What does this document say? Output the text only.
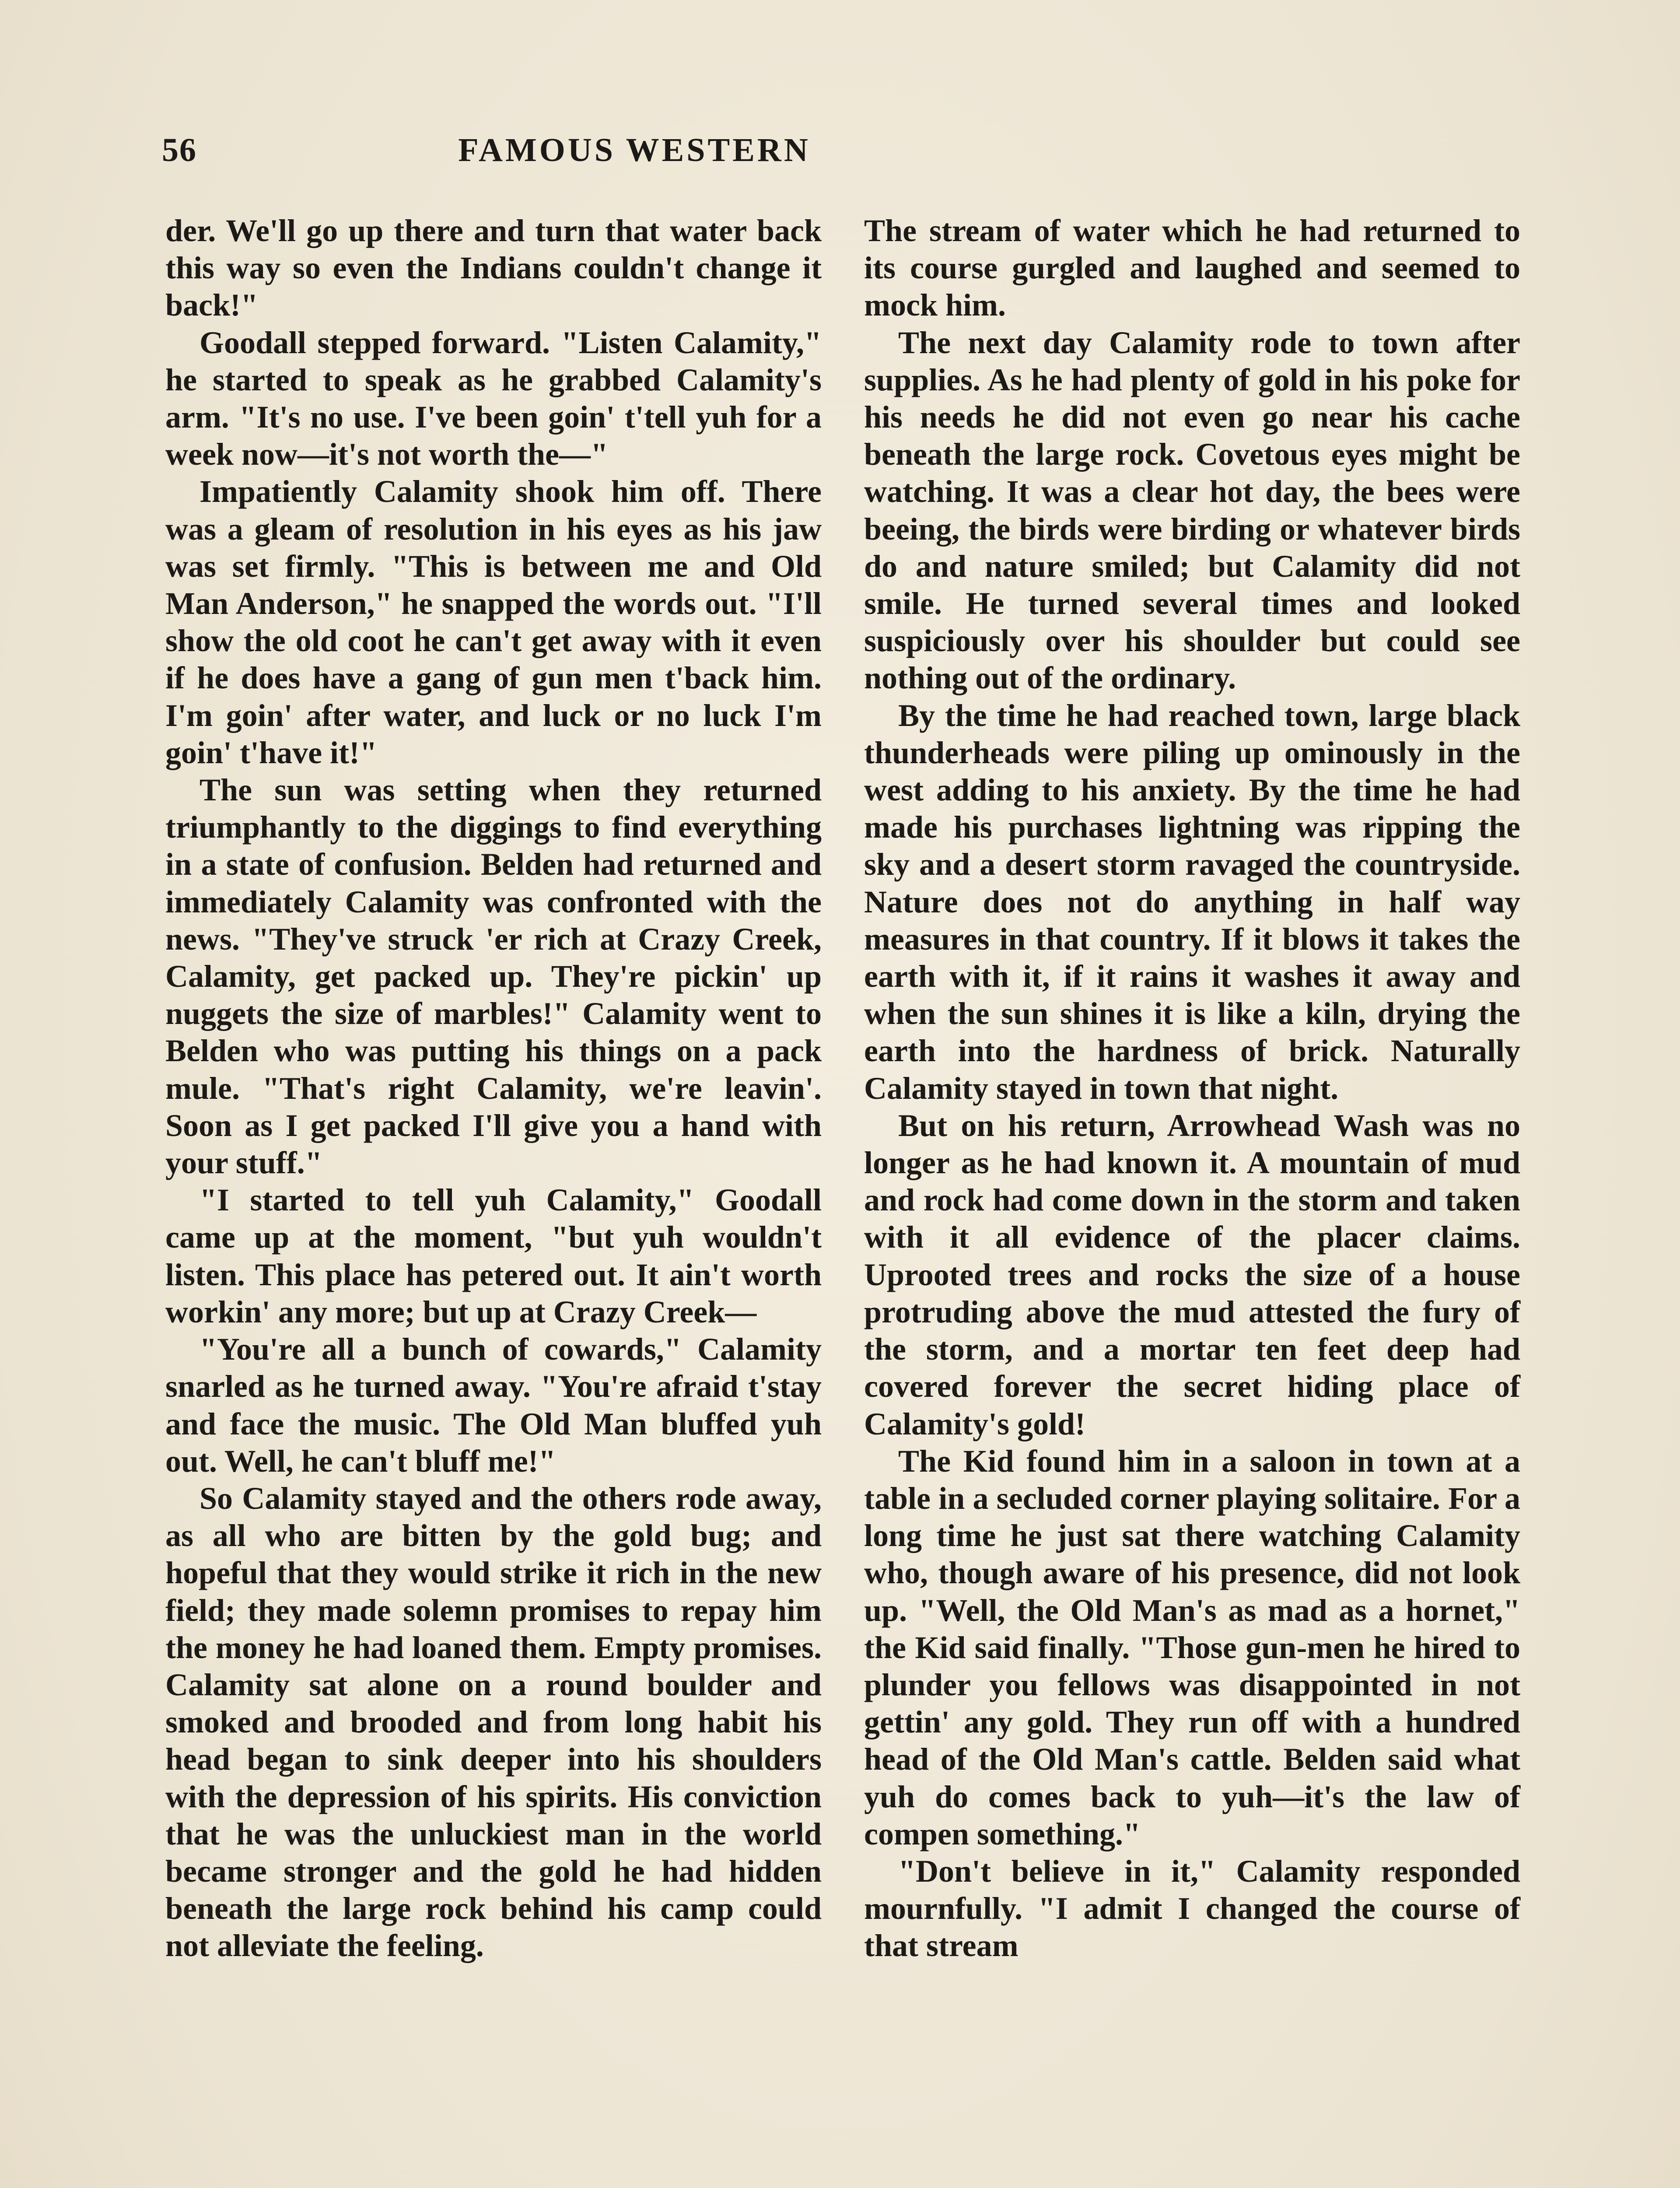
56	FAMOUS WESTERN

der. We'll go up there and turn that water back this way so even the Indians couldn't change it back!"

Goodall stepped forward. "Listen Calamity," he started to speak as he grabbed Calamity's arm. "It's no use. I've been goin' t'tell yuh for a week now—it's not worth the—"

Impatiently Calamity shook him off. There was a gleam of resolution in his eyes as his jaw was set firmly. "This is between me and Old Man Anderson," he snapped the words out. "I'll show the old coot he can't get away with it even if he does have a gang of gun men t'back him. I'm goin' after water, and luck or no luck I'm goin' t'have it!"

The sun was setting when they returned triumphantly to the diggings to find everything in a state of confusion. Belden had returned and immediately Calamity was confronted with the news. "They've struck 'er rich at Crazy Creek, Calamity, get packed up. They're pickin' up nuggets the size of marbles!" Calamity went to Belden who was putting his things on a pack mule. "That's right Calamity, we're leavin'. Soon as I get packed I'll give you a hand with your stuff."

"I started to tell yuh Calamity," Goodall came up at the moment, "but yuh wouldn't listen. This place has petered out. It ain't worth workin' any more; but up at Crazy Creek—

"You're all a bunch of cowards," Calamity snarled as he turned away. "You're afraid t'stay and face the music. The Old Man bluffed yuh out. Well, he can't bluff me!"

So Calamity stayed and the others rode away, as all who are bitten by the gold bug; and hopeful that they would strike it rich in the new field; they made solemn promises to repay him the money he had loaned them. Empty promises. Calamity sat alone on a round boulder and smoked and brooded and from long habit his head began to sink deeper into his shoulders with the depression of his spirits. His conviction that he was the unluckiest man in the world became stronger and the gold he had hidden beneath the large rock behind his camp could not alleviate the feeling.

The stream of water which he had returned to its course gurgled and laughed and seemed to mock him.

The next day Calamity rode to town after supplies. As he had plenty of gold in his poke for his needs he did not even go near his cache beneath the large rock. Covetous eyes might be watching. It was a clear hot day, the bees were beeing, the birds were birding or whatever birds do and nature smiled; but Calamity did not smile. He turned several times and looked suspiciously over his shoulder but could see nothing out of the ordinary.

By the time he had reached town, large black thunderheads were piling up ominously in the west adding to his anxiety. By the time he had made his purchases lightning was ripping the sky and a desert storm ravaged the countryside. Nature does not do anything in half way measures in that country. If it blows it takes the earth with it, if it rains it washes it away and when the sun shines it is like a kiln, drying the earth into the hardness of brick. Naturally Calamity stayed in town that night.

But on his return, Arrowhead Wash was no longer as he had known it. A mountain of mud and rock had come down in the storm and taken with it all evidence of the placer claims. Uprooted trees and rocks the size of a house protruding above the mud attested the fury of the storm, and a mortar ten feet deep had covered forever the secret hiding place of Calamity's gold!

The Kid found him in a saloon in town at a table in a secluded corner playing solitaire. For a long time he just sat there watching Calamity who, though aware of his presence, did not look up. "Well, the Old Man's as mad as a hornet," the Kid said finally. "Those gun-men he hired to plunder you fellows was disappointed in not gettin' any gold. They run off with a hundred head of the Old Man's cattle. Belden said what yuh do comes back to yuh—it's the law of compen something."

"Don't believe in it," Calamity responded mournfully. "I admit I changed the course of that stream
